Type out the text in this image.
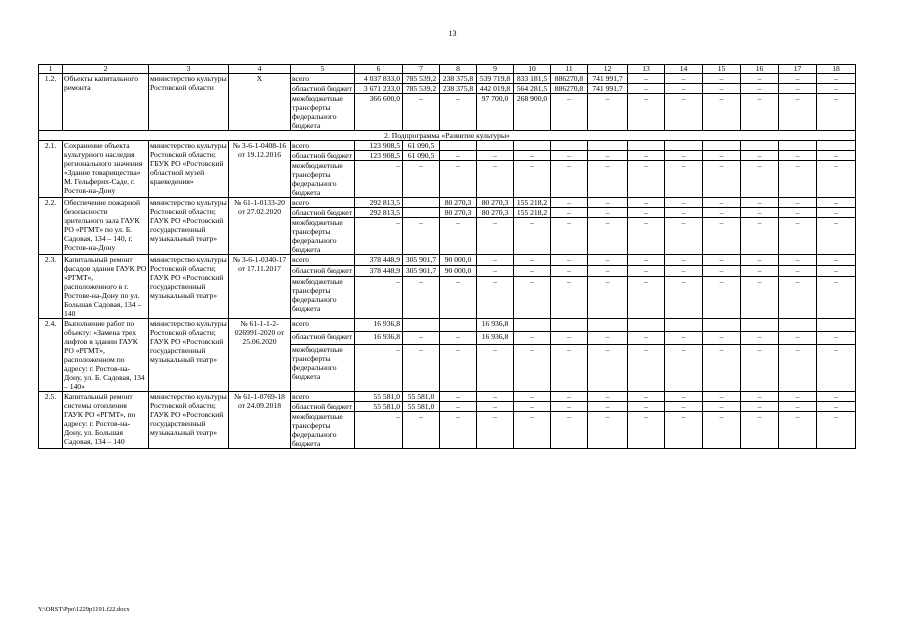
13
1	2	3	4	5	6	7	8	9	10	11	12	13	14	15	16	17	18
1.2.	Объекты капитального ремонта	министерство культуры Ростовской области	Х	всего	4 037 833,0	785 539,2	238 375,8	539 719,8	833 181,5	886270,8	741 991,7	–	–	–	–	–	–
				областной бюджет	3 671 233,0	785 539,2	238 375,8	442 019,8	564 281,5	886270,8	741 991,7	–	–	–	–	–	–
				межбюджетные трансферты федерального бюджета	366 600,0	–	–	97 700,0	268 900,0	–	–	–	–	–	–	–	–
2. Подпрограмма «Развитие культуры»																	
2.1.	Сохранение объекта культурного наследия регионального значения «Здание товарищества» М. Гельферих-Саде, г. Ростов-на-Дону	министерство культуры Ростовской области; ГБУК РО «Ростовский областной музей краеведения»	№ 3-6-1-0408-16 от 19.12.2016	всего	123 908,5	61 090,5											
				областной бюджет	123 908,5	61 090,5	–	–	–	–	–	–	–	–	–	–	–
				межбюджетные трансферты федерального бюджета	–	–	–	–	–	–	–	–	–	–	–	–	–
2.2.	Обеспечение пожарной безопасности зрительного зала ГАУК РО «РГМТ» по ул. Б. Садовая, 134 – 140, г. Ростов-на-Дону	министерство культуры Ростовской области; ГАУК РО «Ростовский государственный музыкальный театр»	№ 61-1-0133-20 от 27.02.2020	всего	292 813,5		80 270,3	80 270,3	155 218,2	–	–	–	–	–	–	–	–
				областной бюджет	292 813,5		80 270,3	80 270,3	155 218,2	–	–	–	–	–	–	–	–
				межбюджетные трансферты федерального бюджета	–	–	–	–	–	–	–	–	–	–	–	–	–
2.3.	Капитальный ремонт фасадов здания ГАУК РО «РГМТ», расположенного в г. Ростове-на-Дону по ул. Большая Садовая, 134 – 140	министерство культуры Ростовской области; ГАУК РО «Ростовский государственный музыкальный театр»	№ 3-6-1-0340-17 от 17.11.2017	всего	378 448,9	305 901,7	90 000,0	–	–	–	–	–	–	–	–	–	–
				областной бюджет	378 448,9	305 901,7	90 000,0	–	–	–	–	–	–	–	–	–	–
				межбюджетные трансферты федерального бюджета	–	–	–	–	–	–	–	–	–	–	–	–	–
2.4.	Выполнение работ по объекту: «Замена трех лифтов в здании ГАУК РО «РГМТ», расположенном по адресу: г. Ростов-на-Дону, ул. Б. Садовая, 134 – 140»	министерство культуры Ростовской области; ГАУК РО «Ростовский государственный музыкальный театр»	№ 61-1-1-2-026991-2020 от 25.06.2020	всего	16 936,8			16 936,8									
				областной бюджет	16 936,8	–	–	16 936,8	–	–	–	–	–	–	–	–	–
				межбюджетные трансферты федерального бюджета	–	–	–	–	–	–	–	–	–	–	–	–	–
2.5.	Капитальный ремонт системы отопления ГАУК РО «РГМТ», по адресу: г. Ростов-на-Дону, ул. Большая Садовая, 134 – 140	министерство культуры Ростовской области; ГАУК РО «Ростовский государственный музыкальный театр»	№ 61-1-0769-18 от 24.09.2018	всего	55 581,0	55 581,0	–	–	–	–	–	–	–	–	–	–	–
				областной бюджет	55 581,0	55 581,0	–	–	–	–	–	–	–	–	–	–	–
				межбюджетные трансферты федерального бюджета	–	–	–	–	–	–	–	–	–	–	–	–	–
Y:\ORST\Ppo\1229p1191.f22.docx
